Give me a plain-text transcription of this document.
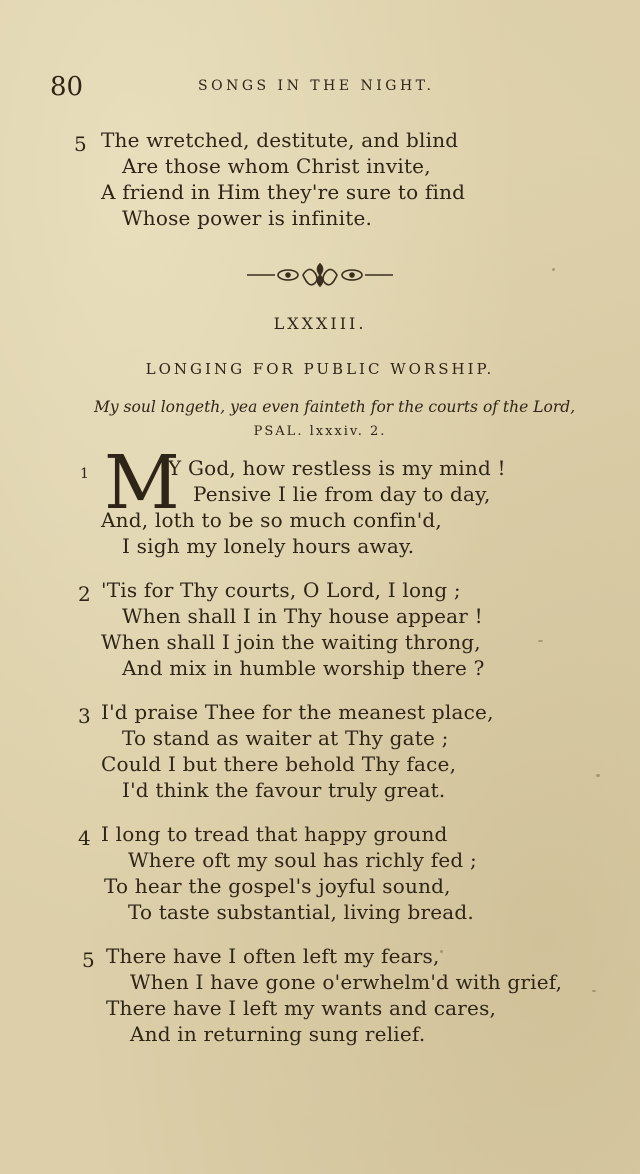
80	SONGS IN THE NIGHT.
5 The wretched, destitute, and blind
Are those whom Christ invite,
A friend in Him they're sure to find
Whose power is infinite.
LXXXIII.
LONGING FOR PUBLIC WORSHIP.
My soul longeth, yea even fainteth for the courts of the Lord,
PSAL. lxxxiv. 2.
1 M
Y God, how restless is my mind !
Pensive I lie from day to day,
And, loth to be so much confin'd,
I sigh my lonely hours away.
2 'Tis for Thy courts, O Lord, I long ;
When shall I in Thy house appear !
When shall I join the waiting throng,
And mix in humble worship there ?
3 I'd praise Thee for the meanest place,
To stand as waiter at Thy gate ;
Could I but there behold Thy face,
I'd think the favour truly great.
4 I long to tread that happy ground
Where oft my soul has richly fed ;
To hear the gospel's joyful sound,
To taste substantial, living bread.
5 There have I often left my fears,
When I have gone o'erwhelm'd with grief,
There have I left my wants and cares,
And in returning sung relief.
